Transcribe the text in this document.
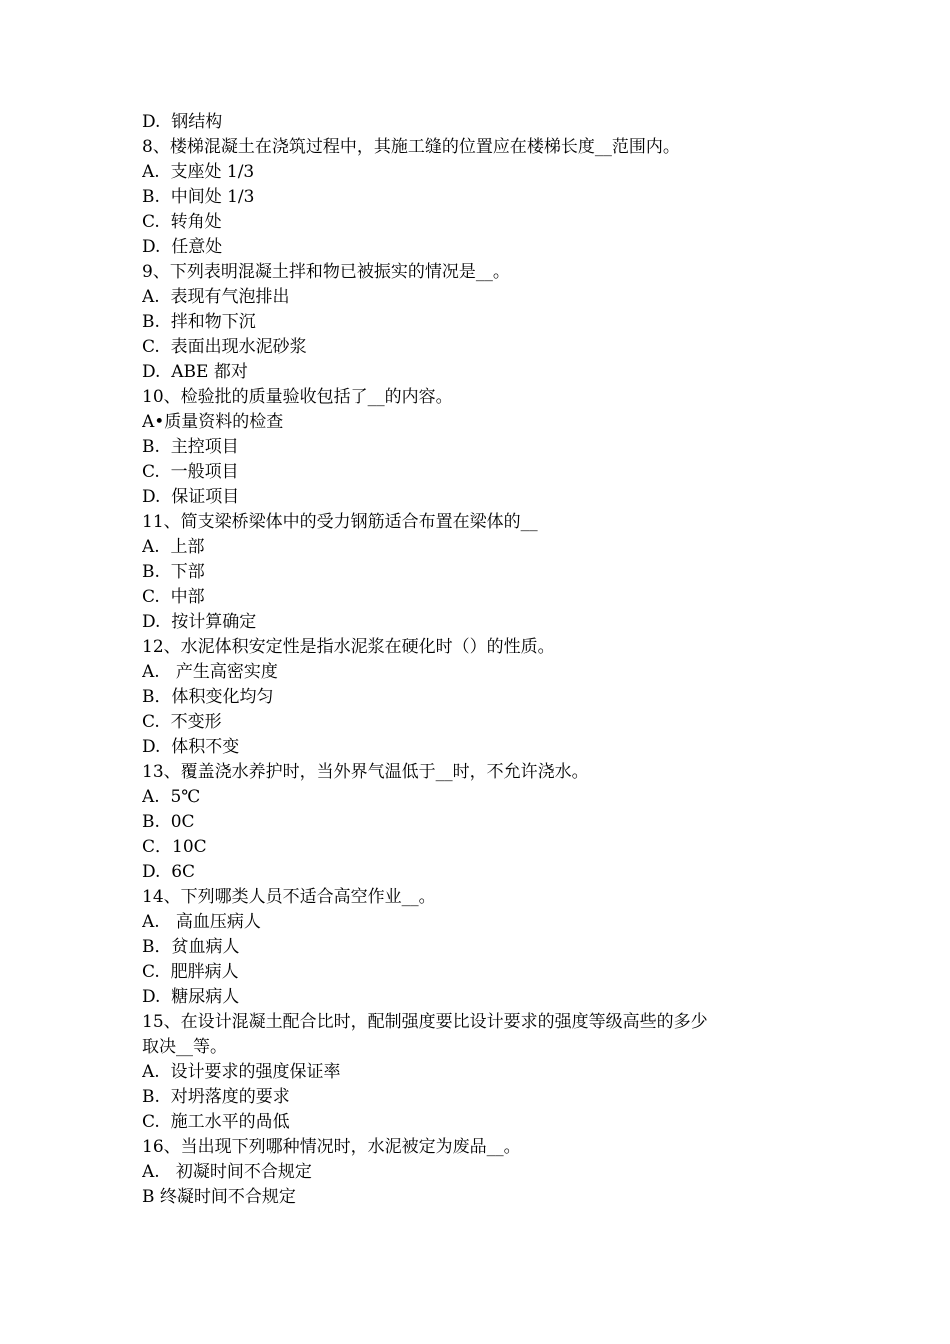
D.  钢结构
8、楼梯混凝土在浇筑过程中，其施工缝的位置应在楼梯长度__范围内。
A.  支座处 1/3
B.  中间处 1/3
C.  转角处
D.  任意处
9、下列表明混凝土拌和物已被振实的情况是__。
A.  表现有气泡排出
B.  拌和物下沉
C.  表面出现水泥砂浆
D.  ABE 都对
10、检验批的质量验收包括了__的内容。
A•质量资料的检查
B.  主控项目
C.  一般项目
D.  保证项目
11、简支梁桥梁体中的受力钢筋适合布置在梁体的__
A.  上部
B.  下部
C.  中部
D.  按计算确定
12、水泥体积安定性是指水泥浆在硬化时（）的性质。
A.   产生高密实度
B．体积变化均匀
C.  不变形
D.  体积不变
13、覆盖浇水养护时，当外界气温低于__时，不允许浇水。
A.  5℃
B.  0C
C．10C
D.  6C
14、下列哪类人员不适合高空作业__。
A.   高血压病人
B．贫血病人
C.  肥胖病人
D.  糖尿病人
15、在设计混凝土配合比时，配制强度要比设计要求的强度等级高些的多少
取决__等。
A.  设计要求的强度保证率
B.  对坍落度的要求
C.  施工水平的咼低
16、当出现下列哪种情况时，水泥被定为废品__。
A.   初凝时间不合规定
B 终凝时间不合规定
